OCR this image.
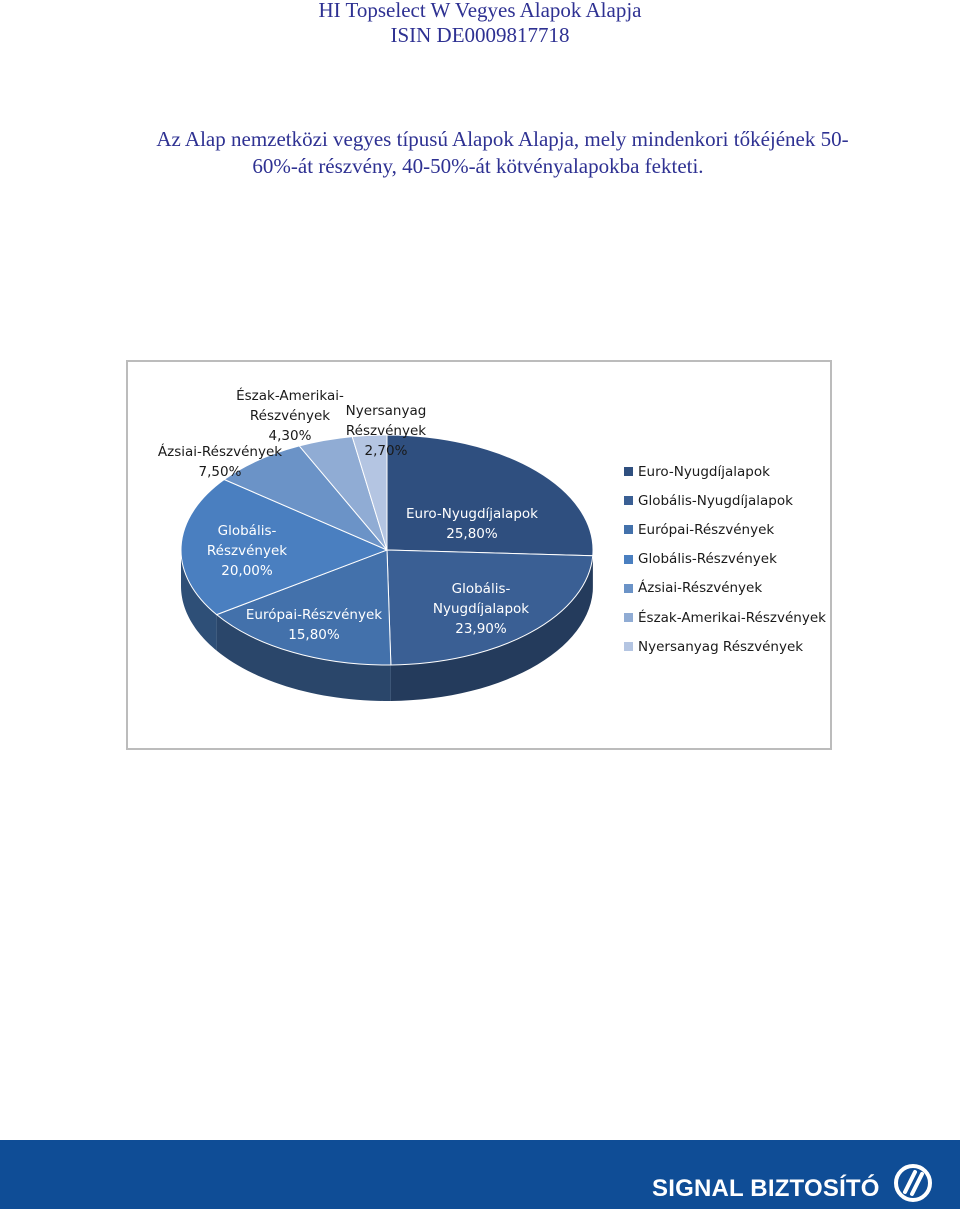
HI Topselect W Vegyes Alapok Alapja
ISIN DE0009817718
Az Alap nemzetközi vegyes típusú Alapok Alapja, mely mindenkori tőkéjének 50-
60%-át részvény, 40-50%-át kötvényalapokba fekteti.
Euro-Nyugdíjalapok 25,80%
Globális-Nyugdíjalapok 23,90%
Európai-Részvények 15,80%
Globális-Részvények 20,00%
Ázsiai-Részvények 7,50%
Észak-Amerikai-Részvények 4,30%
Nyersanyag Részvények 2,70%
Euro-Nyugdíjalapok
Globális-Nyugdíjalapok
Európai-Részvények
Globális-Részvények
Ázsiai-Részvények
Észak-Amerikai-Részvények
Nyersanyag Részvények
SIGNAL BIZTOSÍTÓ
